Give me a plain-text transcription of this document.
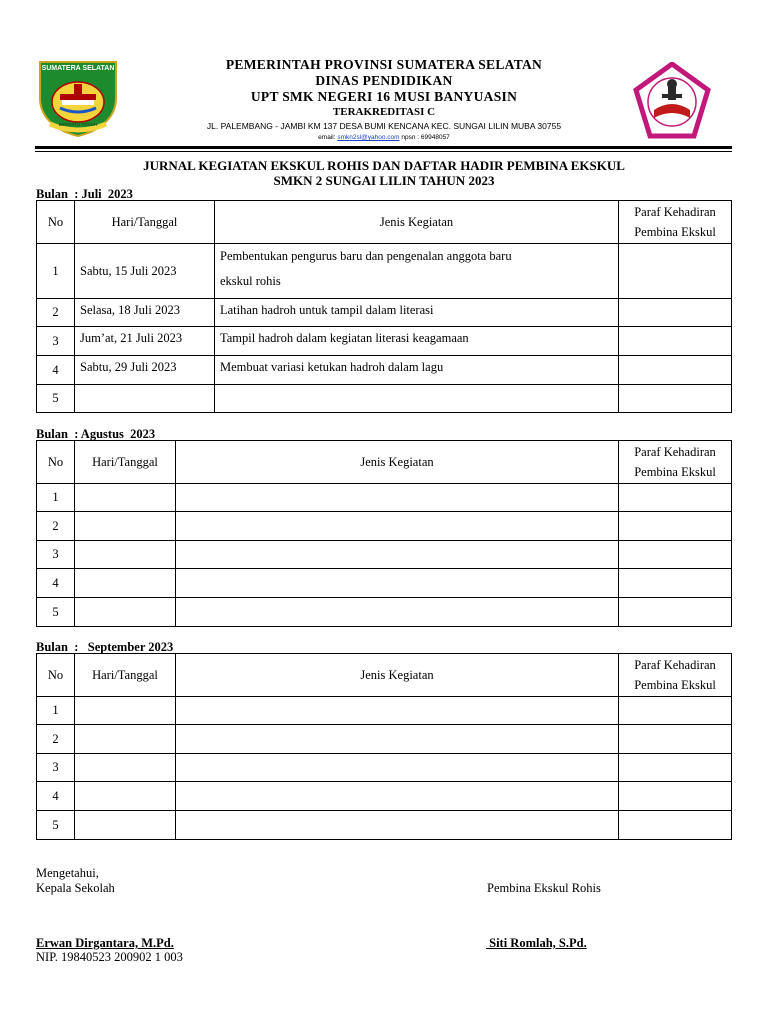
SUMATERA SELATAN
BERSATU TEGUH
PEMERINTAH PROVINSI SUMATERA SELATAN
DINAS PENDIDIKAN
UPT SMK NEGERI 16 MUSI BANYUASIN
TERAKREDITASI C
JL. PALEMBANG - JAMBI KM 137 DESA BUMI KENCANA KEC. SUNGAI LILIN MUBA 30755
email: smkn2sl@yahoo.com npsn : 69948057
JURNAL KEGIATAN EKSKUL ROHIS DAN DAFTAR HADIR PEMBINA EKSKUL
SMKN 2 SUNGAI LILIN TAHUN 2023
Bulan  : Juli  2023
No	Hari/Tanggal	Jenis Kegiatan	Paraf Kehadiran
Pembina Ekskul
1	Sabtu, 15 Juli 2023	Pembentukan pengurus baru dan pengenalan anggota baru
ekskul rohis	
2	Selasa, 18 Juli 2023	Latihan hadroh untuk tampil dalam literasi	
3	Jum’at, 21 Juli 2023	Tampil hadroh dalam kegiatan literasi keagamaan	
4	Sabtu, 29 Juli 2023	Membuat variasi ketukan hadroh dalam lagu	
5			
Bulan  : Agustus  2023
No	Hari/Tanggal	Jenis Kegiatan	Paraf Kehadiran
Pembina Ekskul
1			
2			
3			
4			
5			
Bulan  :   September 2023
No	Hari/Tanggal	Jenis Kegiatan	Paraf Kehadiran
Pembina Ekskul
1			
2			
3			
4			
5			
Mengetahui,
Kepala Sekolah	Pembina Ekskul Rohis
Erwan Dirgantara, M.Pd.	Siti Romlah, S.Pd.
NIP. 19840523 200902 1 003
